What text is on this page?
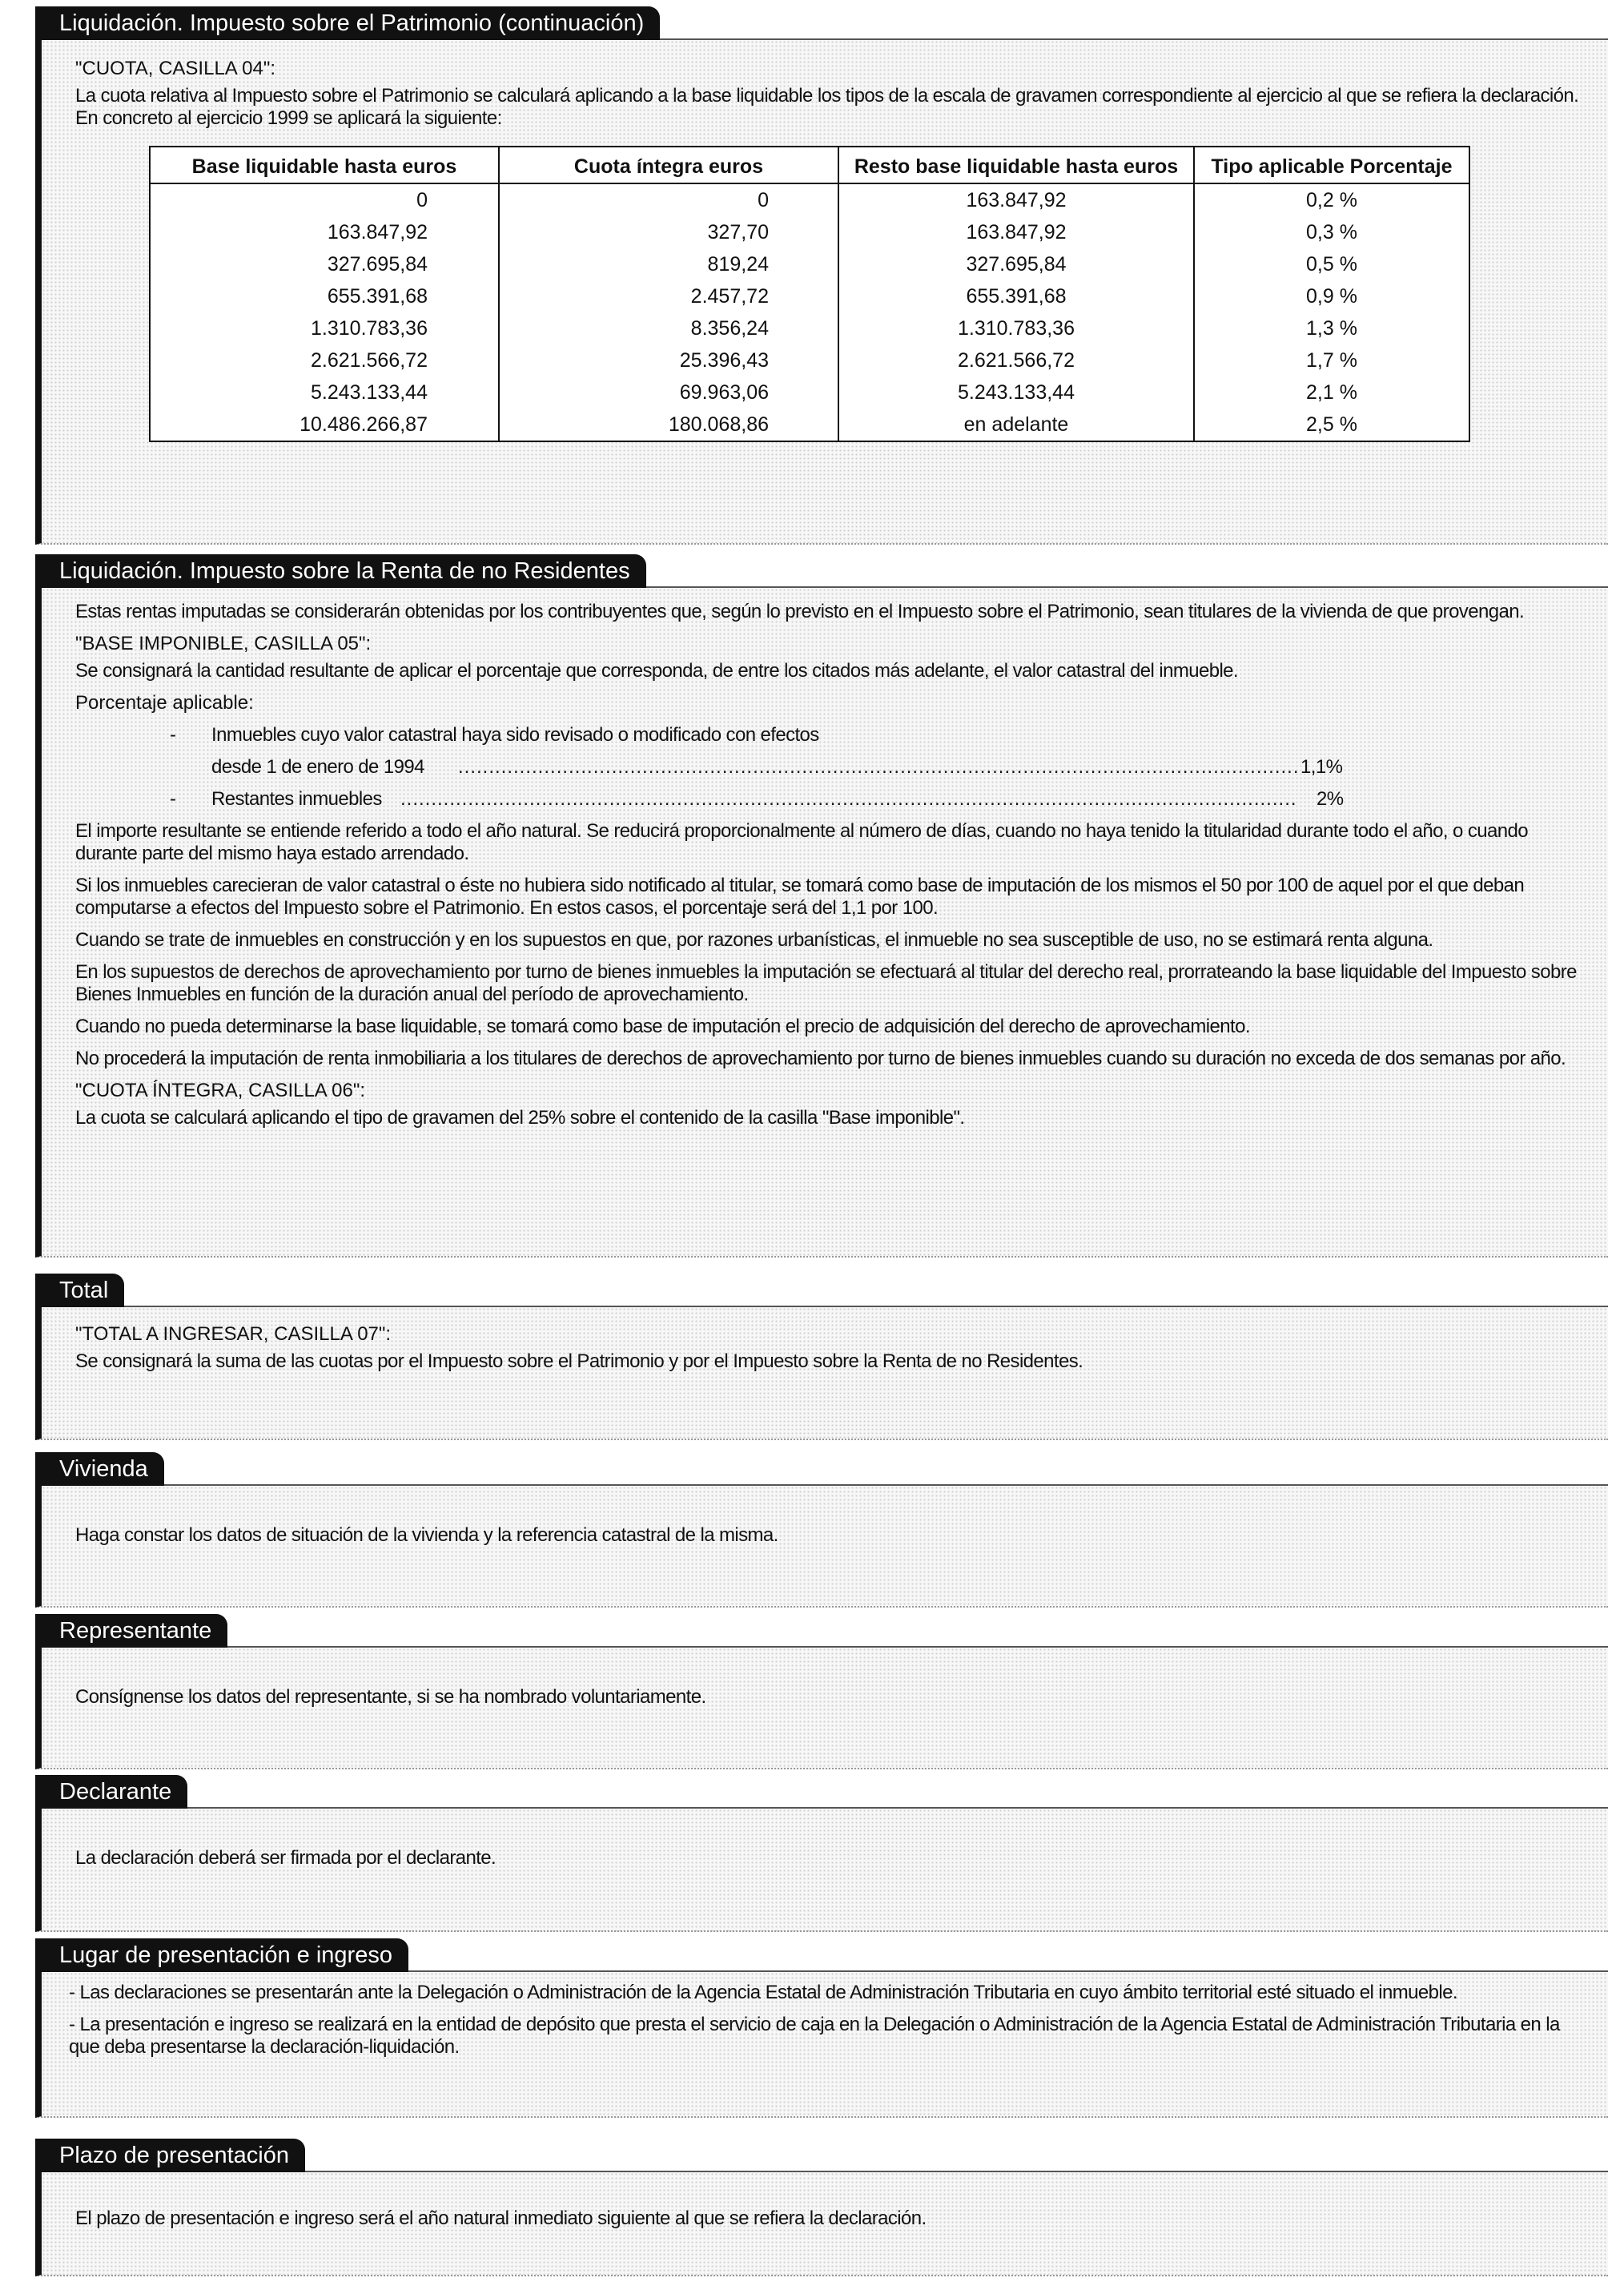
"CUOTA, CASILLA 04":

La cuota relativa al Impuesto sobre el Patrimonio se calculará aplicando a la base liquidable los tipos de la escala de gravamen correspondiente al ejercicio al que se refiera la declaración. En concreto al ejercicio 1999 se aplicará la siguiente:

Base liquidable hasta euros	Cuota íntegra euros	Resto base liquidable hasta euros	Tipo aplicable Porcentaje
0	0	163.847,92	0,2 %
163.847,92	327,70	163.847,92	0,3 %
327.695,84	819,24	327.695,84	0,5 %
655.391,68	2.457,72	655.391,68	0,9 %
1.310.783,36	8.356,24	1.310.783,36	1,3 %
2.621.566,72	25.396,43	2.621.566,72	1,7 %
5.243.133,44	69.963,06	5.243.133,44	2,1 %
10.486.266,87	180.068,86	en adelante	2,5 %
Liquidación. Impuesto sobre el Patrimonio (continuación)

Estas rentas imputadas se considerarán obtenidas por los contribuyentes que, según lo previsto en el Impuesto sobre el Patrimonio, sean titulares de la vivienda de que provengan.

"BASE IMPONIBLE, CASILLA 05":

Se consignará la cantidad resultante de aplicar el porcentaje que corresponda, de entre los citados más adelante, el valor catastral del inmueble.

Porcentaje aplicable:

- Inmuebles cuyo valor catastral haya sido revisado o modificado con efectos
desde 1 de enero de 1994 .....	1,1%
- Restantes inmuebles .....	2%

El importe resultante se entiende referido a todo el año natural. Se reducirá proporcionalmente al número de días, cuando no haya tenido la titularidad durante todo el año, o cuando durante parte del mismo haya estado arrendado.

Si los inmuebles carecieran de valor catastral o éste no hubiera sido notificado al titular, se tomará como base de imputación de los mismos el 50 por 100 de aquel por el que deban computarse a efectos del Impuesto sobre el Patrimonio. En estos casos, el porcentaje será del 1,1 por 100.

Cuando se trate de inmuebles en construcción y en los supuestos en que, por razones urbanísticas, el inmueble no sea susceptible de uso, no se estimará renta alguna.

En los supuestos de derechos de aprovechamiento por turno de bienes inmuebles la imputación se efectuará al titular del derecho real, prorrateando la base liquidable del Impuesto sobre Bienes Inmuebles en función de la duración anual del período de aprovechamiento.

Cuando no pueda determinarse la base liquidable, se tomará como base de imputación el precio de adquisición del derecho de aprovechamiento.

No procederá la imputación de renta inmobiliaria a los titulares de derechos de aprovechamiento por turno de bienes inmuebles cuando su duración no exceda de dos semanas por año.

"CUOTA ÍNTEGRA, CASILLA 06":

La cuota se calculará aplicando el tipo de gravamen del 25% sobre el contenido de la casilla "Base imponible".

Liquidación. Impuesto sobre la Renta de no Residentes

"TOTAL A INGRESAR, CASILLA 07":

Se consignará la suma de las cuotas por el Impuesto sobre el Patrimonio y por el Impuesto sobre la Renta de no Residentes.

Total

Haga constar los datos de situación de la vivienda y la referencia catastral de la misma.

Vivienda

Consígnense los datos del representante, si se ha nombrado voluntariamente.

Representante

La declaración deberá ser firmada por el declarante.

Declarante

- Las declaraciones se presentarán ante la Delegación o Administración de la Agencia Estatal de Administración Tributaria en cuyo ámbito territorial esté situado el inmueble.

- La presentación e ingreso se realizará en la entidad de depósito que presta el servicio de caja en la Delegación o Administración de la Agencia Estatal de Administración Tributaria en la que deba presentarse la declaración-liquidación.

Lugar de presentación e ingreso

El plazo de presentación e ingreso será el año natural inmediato siguiente al que se refiera la declaración.

Plazo de presentación
